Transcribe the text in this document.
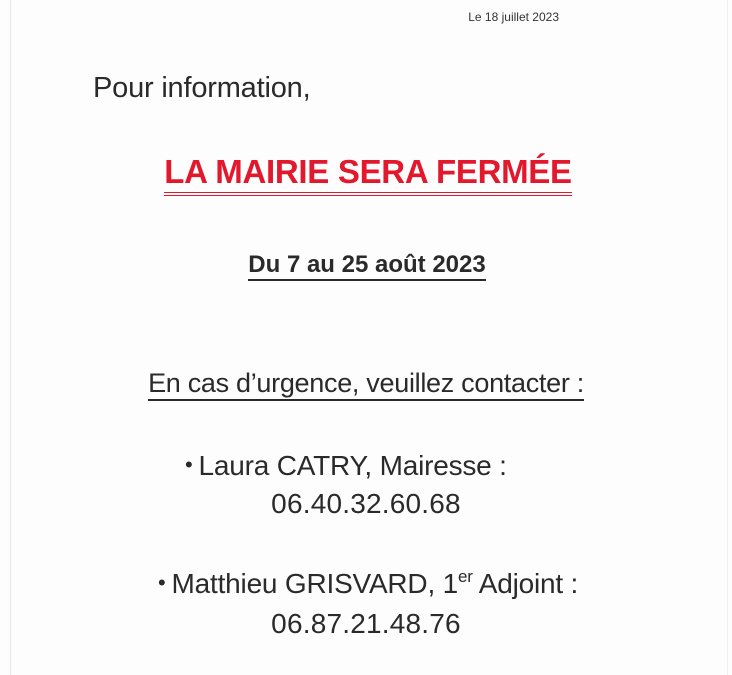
Le 18 juillet 2023
Pour information,
LA MAIRIE SERA FERMÉE
Du 7 au 25 août 2023
En cas d’urgence, veuillez contacter :
• Laura CATRY, Mairesse :
06.40.32.60.68
• Matthieu GRISVARD, 1er Adjoint :
06.87.21.48.76
